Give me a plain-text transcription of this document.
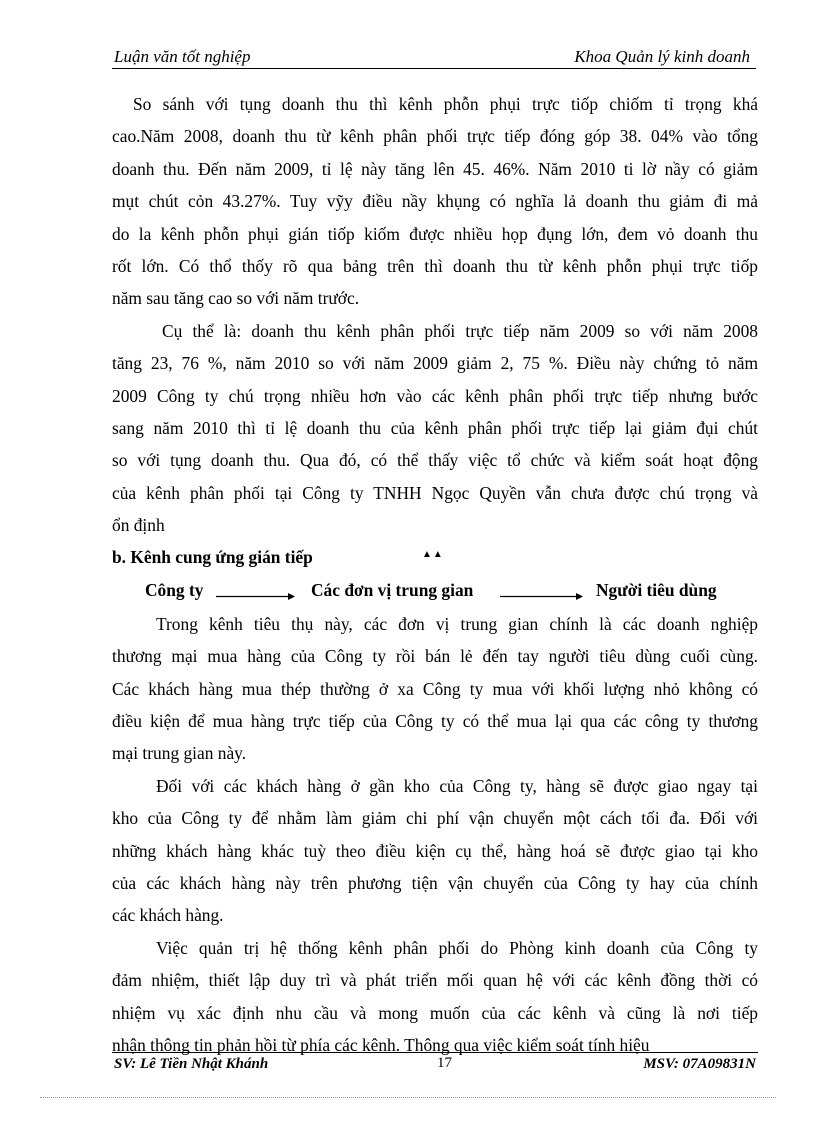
Luận văn tốt nghiệp	Khoa Quản lý kinh doanh
So sánh với tụng doanh thu thì kênh phỗn phụi trực tiốp chiốm tỉ trọng khá
cao.Năm 2008, doanh thu từ kênh phân phối trực tiếp đóng góp 38. 04% vào tổng
doanh thu. Đến năm 2009, tỉ lệ này tăng lên 45. 46%. Năm 2010 ti lờ nầy có giảm
mụt chút cỏn 43.27%. Tuy vỹy điều nầy khụng có nghĩa lả doanh thu giảm đi mả
do la kênh phỗn phụi gián tiốp kiốm được nhiều họp đụng lớn, đem vỏ doanh thu
rốt lớn. Có thổ thốy rõ qua bảng trên thì doanh thu từ kênh phỗn phụi trực tiốp
năm sau tăng cao so với năm trước.
Cụ thể là: doanh thu kênh phân phối trực tiếp năm 2009 so với năm 2008
tăng 23, 76 %, năm 2010 so với năm 2009 giảm 2, 75 %. Điều này chứng tỏ năm
2009 Công ty chú trọng nhiều hơn vào các kênh phân phối trực tiếp nhưng bước
sang năm 2010 thì tỉ lệ doanh thu của kênh phân phối trực tiếp lại giảm đụi chút
so với tụng doanh thu. Qua đó, có thể thấy việc tổ chức và kiểm soát hoạt động
của kênh phân phối tại Công ty TNHH Ngọc Quyền vẫn chưa được chú trọng và
ổn định
b. Kênh cung ứng gián tiếp	▲▲
Công ty	Các đơn vị trung gian	Người tiêu dùng
Trong kênh tiêu thụ này, các đơn vị trung gian chính là các doanh nghiệp
thương mại mua hàng của Công ty rồi bán lẻ đến tay người tiêu dùng cuối cùng.
Các khách hàng mua thép thường ở xa Công ty mua với khối lượng nhỏ không có
điều kiện để mua hàng trực tiếp của Công ty có thể mua lại qua các công ty thương
mại trung gian này.
Đối với các khách hàng ở gần kho của Công ty, hàng sẽ được giao ngay tại
kho của Công ty để nhằm làm giảm chi phí vận chuyển một cách tối đa. Đối với
những khách hàng khác tuỳ theo điều kiện cụ thể, hàng hoá sẽ được giao tại kho
của các khách hàng này trên phương tiện vận chuyển của Công ty hay của chính
các khách hàng.
Việc quản trị hệ thống kênh phân phối do Phòng kinh doanh của Công ty
đảm nhiệm, thiết lập duy trì và phát triển mối quan hệ với các kênh đồng thời có
nhiệm vụ xác định nhu cầu và mong muốn của các kênh và cũng là nơi tiếp
nhận thông tin phản hồi từ phía các kênh. Thông qua việc kiểm soát tính hiệu
SV: Lê Tiền Nhật Khánh	17	MSV: 07A09831N
